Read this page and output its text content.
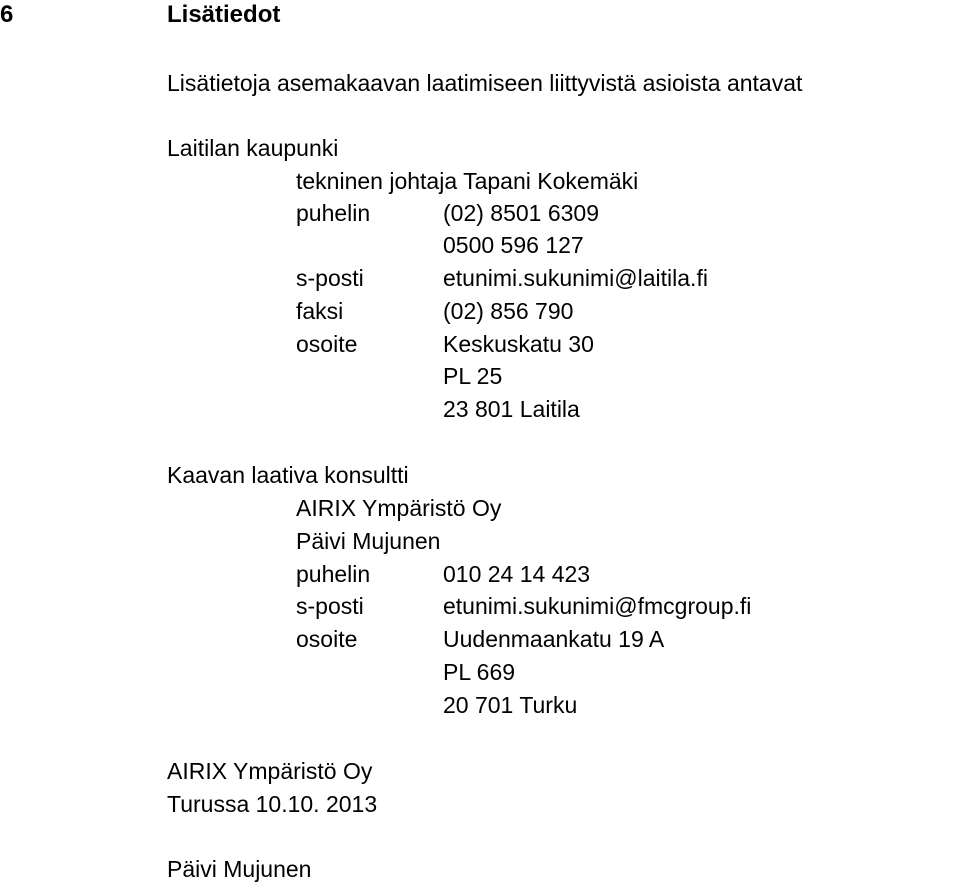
6	Lisätiedot
Lisätietoja asemakaavan laatimiseen liittyvistä asioista antavat
Laitilan kaupunki
tekninen johtaja Tapani Kokemäki
puhelin	(02) 8501 6309
0500 596 127
s-posti	etunimi.sukunimi@laitila.fi
faksi	(02) 856 790
osoite	Keskuskatu 30
PL 25
23 801 Laitila
Kaavan laativa konsultti
AIRIX Ympäristö Oy
Päivi Mujunen
puhelin	010 24 14 423
s-posti	etunimi.sukunimi@fmcgroup.fi
osoite	Uudenmaankatu 19 A
PL 669
20 701 Turku
AIRIX Ympäristö Oy
Turussa 10.10. 2013
Päivi Mujunen
